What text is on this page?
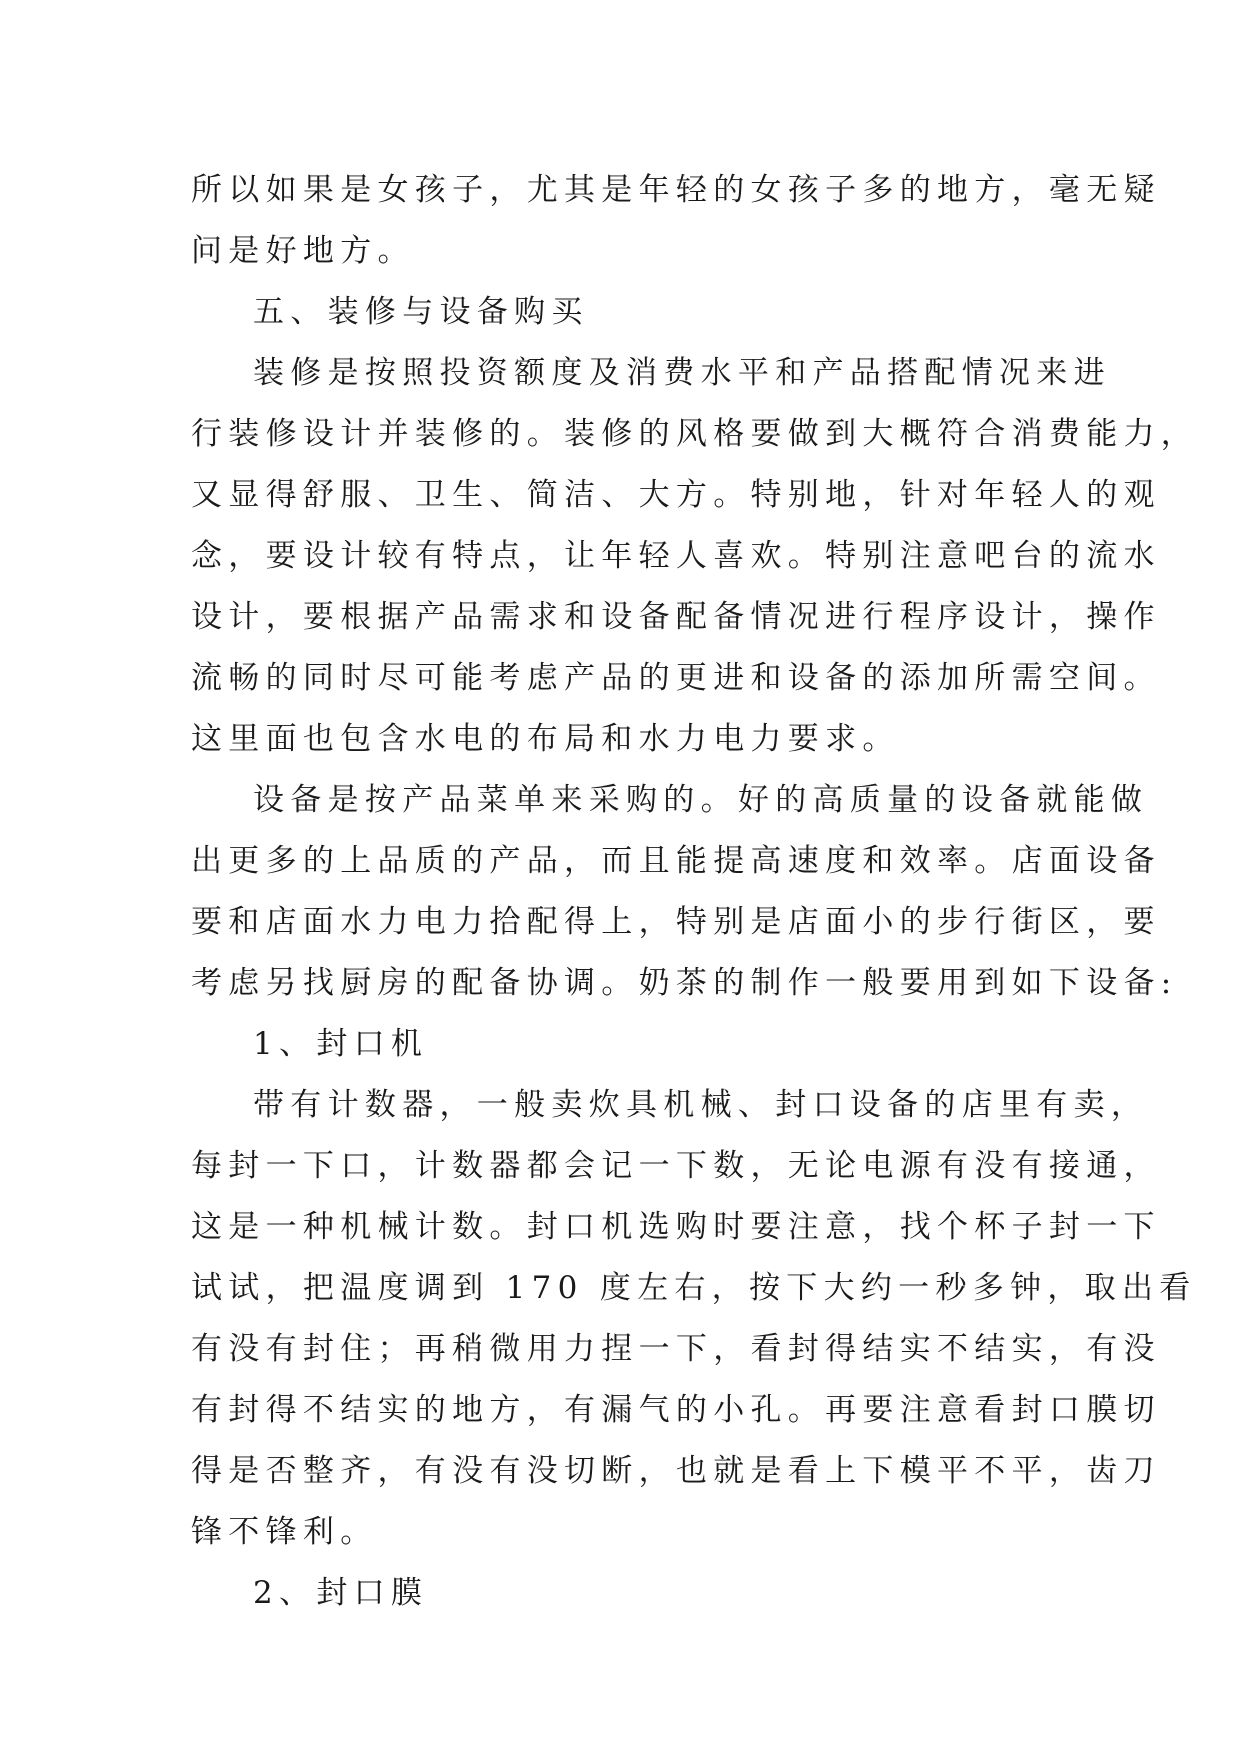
所以如果是女孩子，尤其是年轻的女孩子多的地方，毫无疑
问是好地方。
五、装修与设备购买
装修是按照投资额度及消费水平和产品搭配情况来进
行装修设计并装修的。装修的风格要做到大概符合消费能力，
又显得舒服、卫生、简洁、大方。特别地，针对年轻人的观
念，要设计较有特点，让年轻人喜欢。特别注意吧台的流水
设计，要根据产品需求和设备配备情况进行程序设计，操作
流畅的同时尽可能考虑产品的更进和设备的添加所需空间。
这里面也包含水电的布局和水力电力要求。
设备是按产品菜单来采购的。好的高质量的设备就能做
出更多的上品质的产品，而且能提高速度和效率。店面设备
要和店面水力电力拾配得上，特别是店面小的步行街区，要
考虑另找厨房的配备协调。奶茶的制作一般要用到如下设备:
1、封口机
带有计数器，一般卖炊具机械、封口设备的店里有卖，
每封一下口，计数器都会记一下数，无论电源有没有接通，
这是一种机械计数。封口机选购时要注意，找个杯子封一下
试试，把温度调到 170 度左右，按下大约一秒多钟，取出看
有没有封住；再稍微用力捏一下，看封得结实不结实，有没
有封得不结实的地方，有漏气的小孔。再要注意看封口膜切
得是否整齐，有没有没切断，也就是看上下模平不平，齿刀
锋不锋利。
2、封口膜
